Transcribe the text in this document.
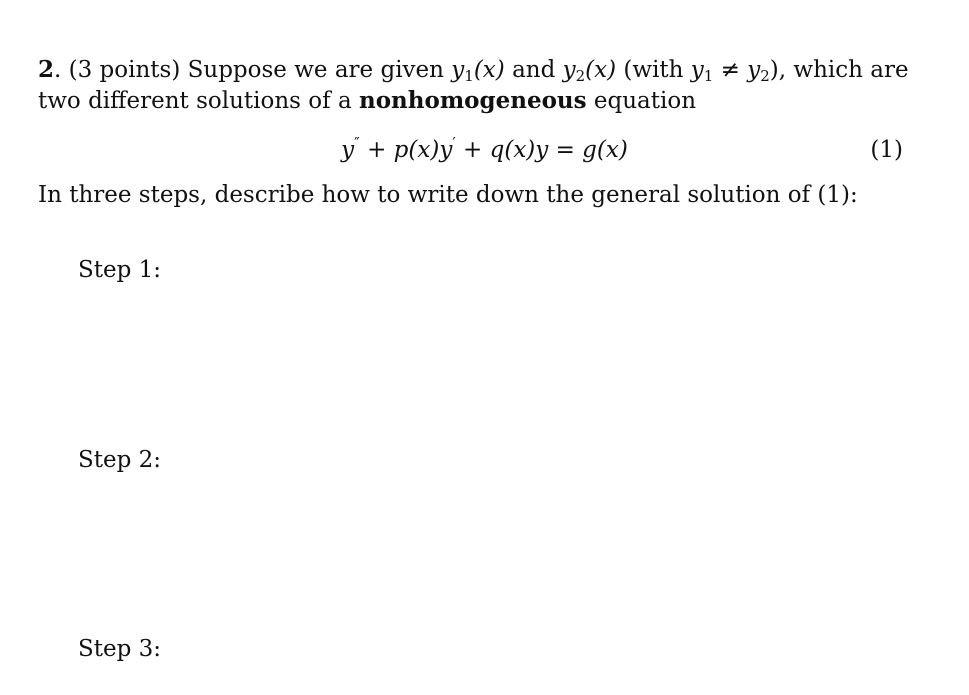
2. (3 points) Suppose we are given $y_1(x)$ and $y_2(x)$ (with $y_1 \ne y_2$), which are
two different solutions of a nonhomogeneous equation
y″ + p(x)y′ + q(x)y = g(x)	(1)
In three steps, describe how to write down the general solution of (1):
Step 1:
Step 2:
Step 3:
